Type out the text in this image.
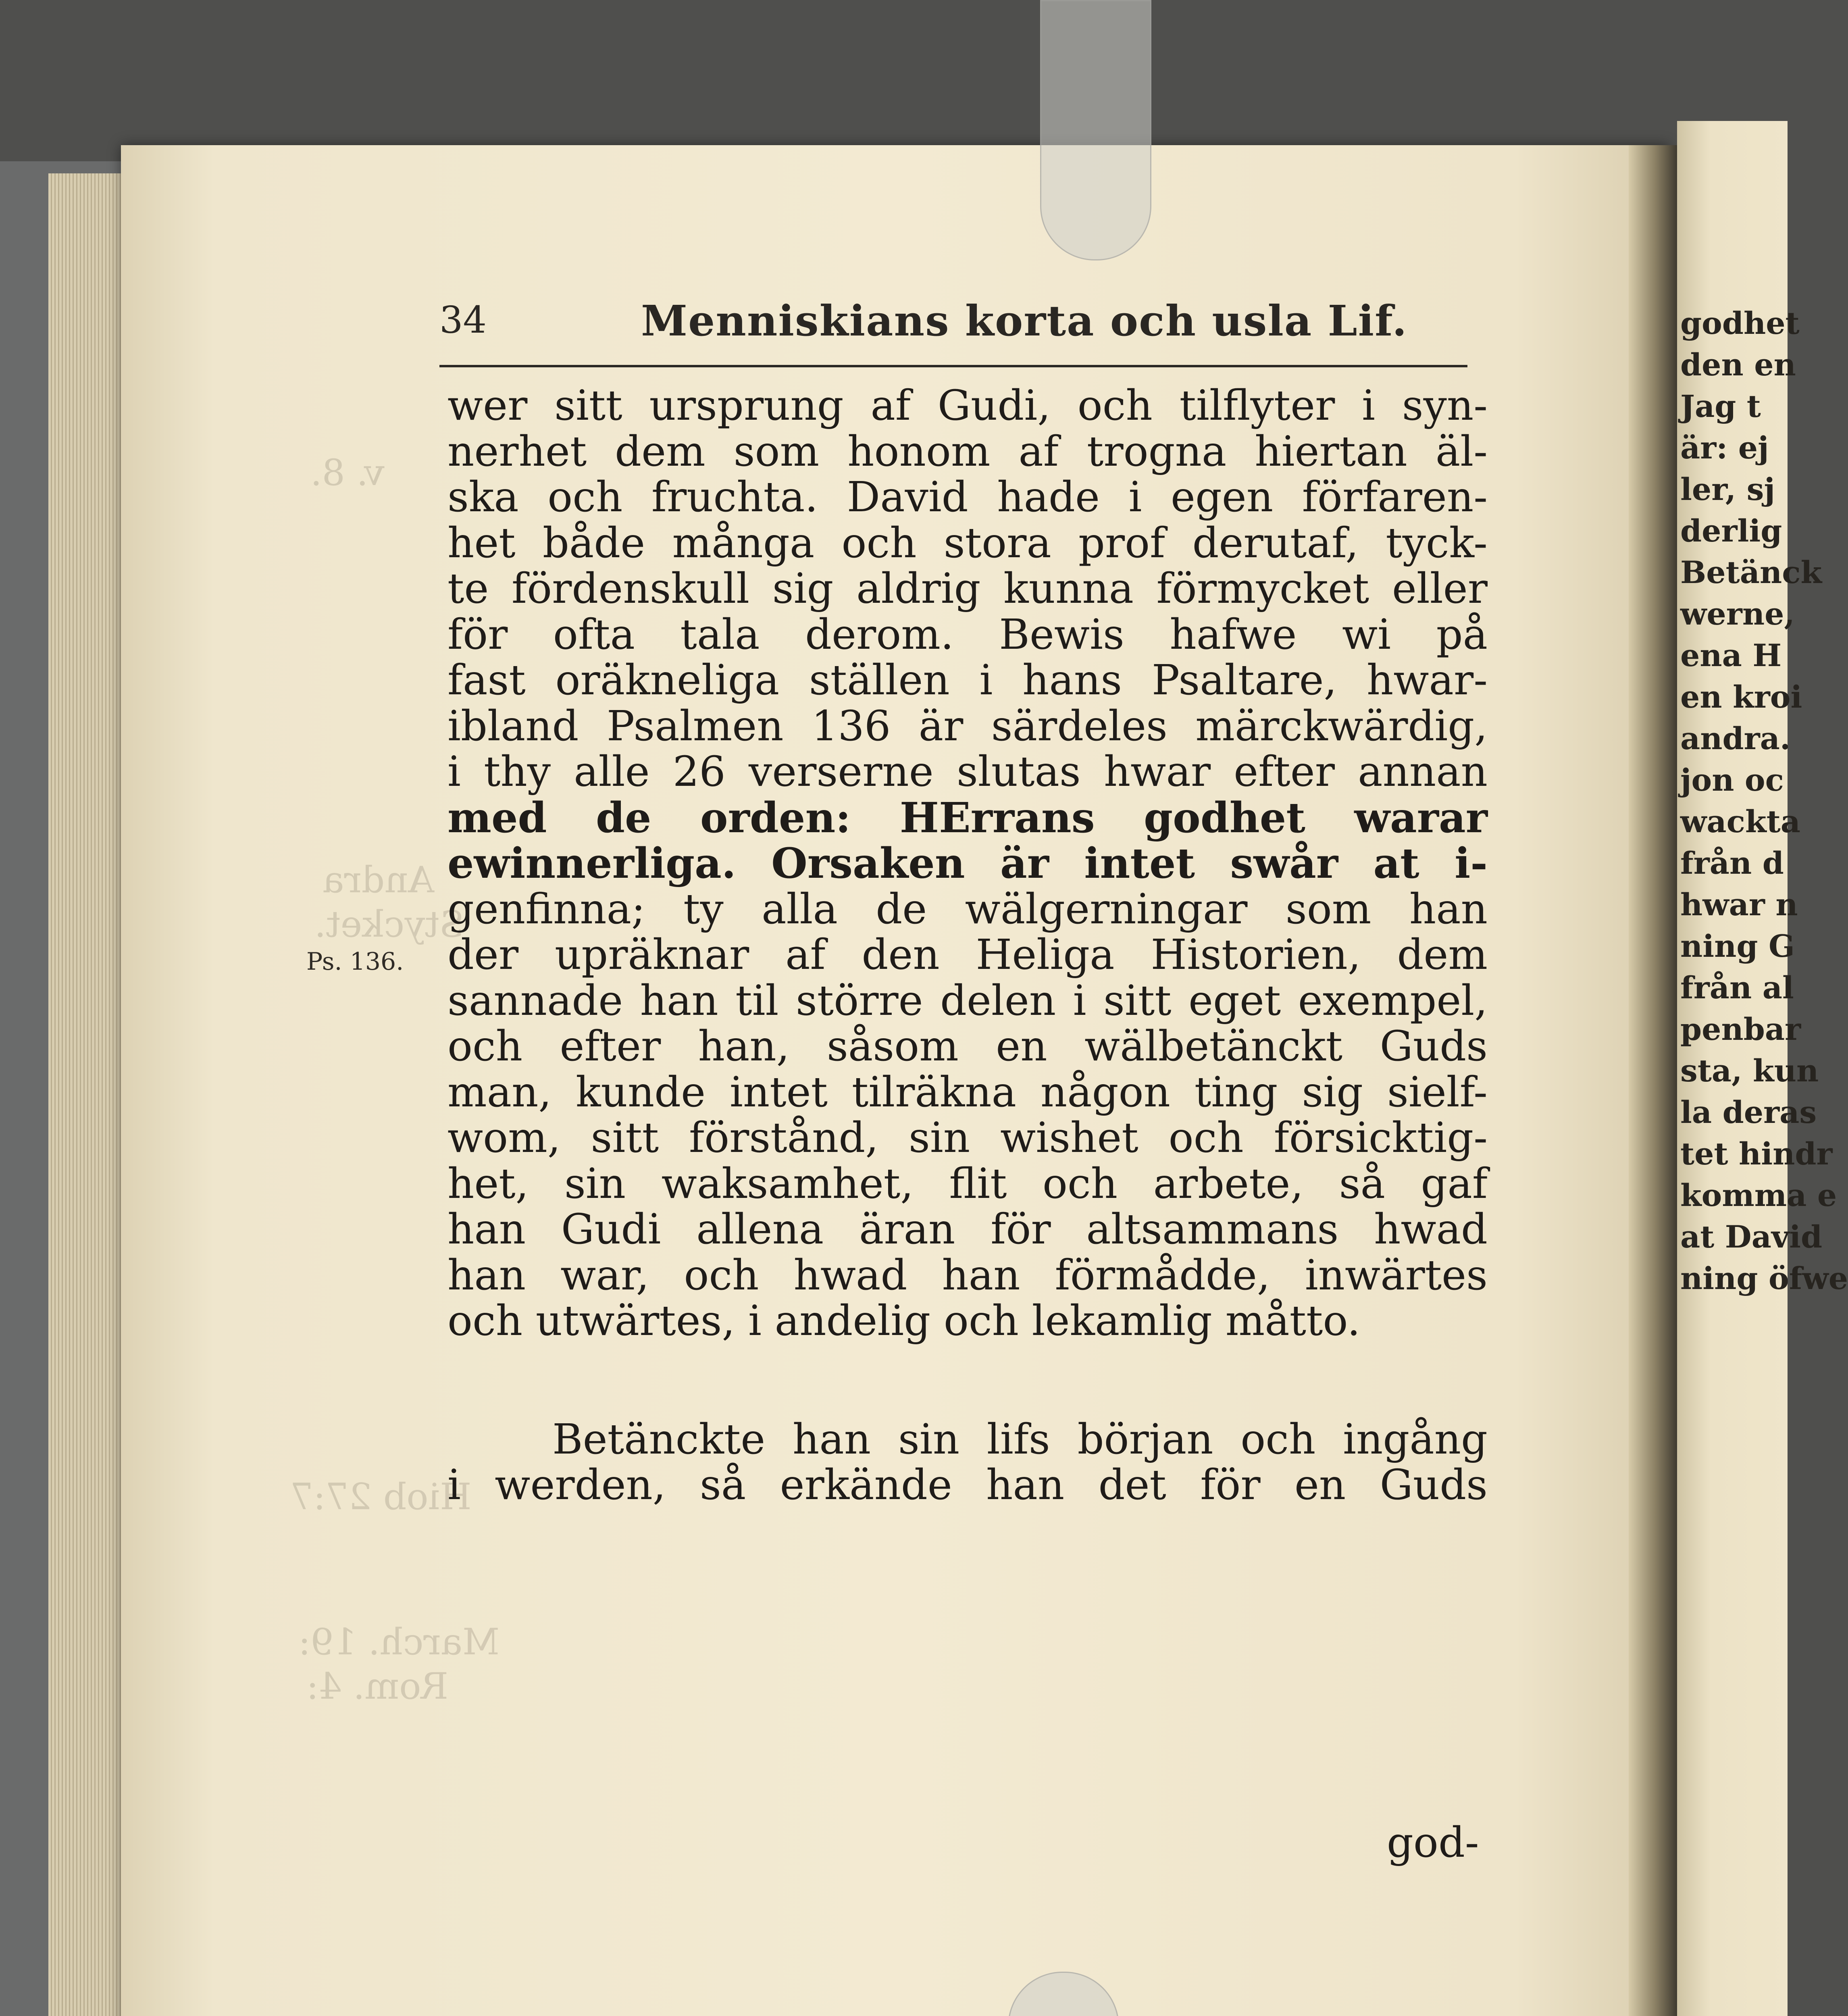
godhet
den en
Jag t
är: ej
ler, sj
derlig
Betänck
werne,
ena H
en kroi
andra.
jon oc
wackta
från d
hwar n
ning G
från al
penbar
sta, kun
la deras
tet hindr
komma e
at David
ning öfwe
v. 8.
Andra
Stycket.
Hiob 27:7
March. 19:
Rom. 4:
34	Menniskians korta och usla Lif.
Ps. 136.
wer sitt ursprung af Gudi, och tilflyter i syn-
nerhet dem som honom af trogna hiertan äl-
ska och fruchta. David hade i egen förfaren-
het både många och stora prof derutaf, tyck-
te fördenskull sig aldrig kunna förmycket eller
för ofta tala derom. Bewis hafwe wi på
fast oräkneliga ställen i hans Psaltare, hwar-
ibland Psalmen 136 är särdeles märckwärdig,
i thy alle 26 verserne slutas hwar efter annan
med de orden: HErrans godhet warar
ewinnerliga. Orsaken är intet swår at i-
genfinna; ty alla de wälgerningar som han
der upräknar af den Heliga Historien, dem
sannade han til större delen i sitt eget exempel,
och efter han, såsom en wälbetänckt Guds
man, kunde intet tilräkna någon ting sig sielf-
wom, sitt förstånd, sin wishet och försicktig-
het, sin waksamhet, flit och arbete, så gaf
han Gudi allena äran för altsammans hwad
han war, och hwad han förmådde, inwärtes
och utwärtes, i andelig och lekamlig måtto.
Betänckte han sin lifs början och ingång
i werden, så erkände han det för en Guds
god-
